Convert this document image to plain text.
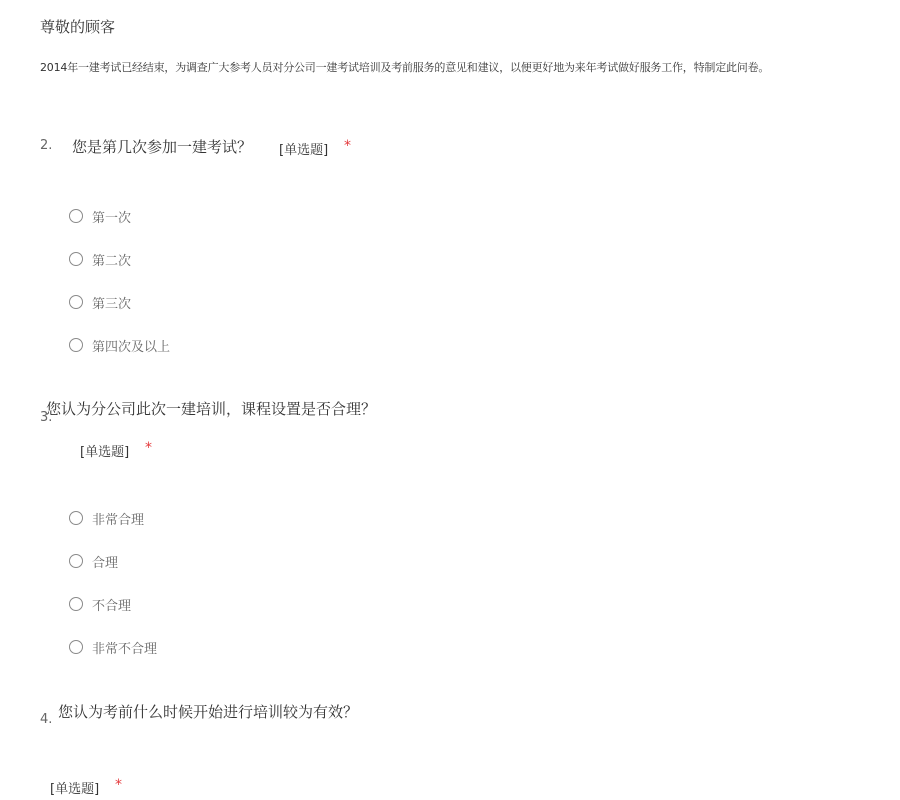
尊敬的顾客
2014年一建考试已经结束，为调查广大参考人员对分公司一建考试培训及考前服务的意见和建议，以便更好地为来年考试做好服务工作，特制定此问卷。
2. 您是第几次参加一建考试？ [单选题] *
第一次
第二次
第三次
第四次及以上
3.
您认为分公司此次一建培训，课程设置是否合理？
[单选题] *
非常合理
合理
不合理
非常不合理
4. 您认为考前什么时候开始进行培训较为有效？
[单选题] *
